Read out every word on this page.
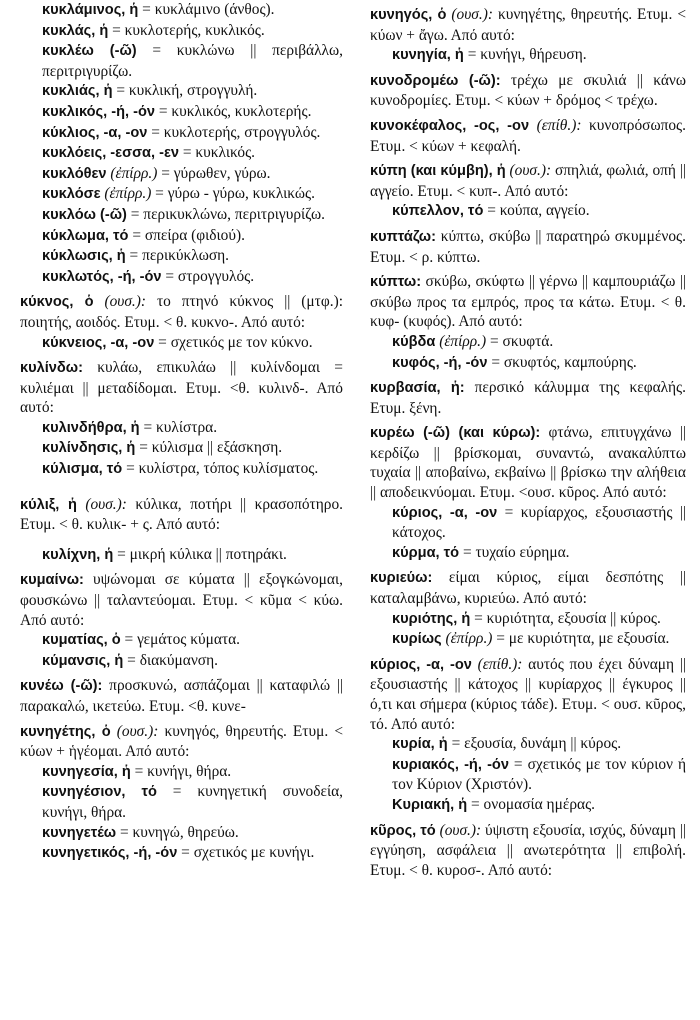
κυκλάμινος, ἡ = κυκλάμινο (άνθος).

κυκλάς, ἡ = κυκλοτερής, κυκλικός.

κυκλέω (-ῶ) = κυκλώνω || περιβάλλω, περιτριγυρίζω.

κυκλιάς, ἡ = κυκλική, στρογγυλή.

κυκλικός, -ή, -όν = κυκλικός, κυκλοτερής.

κύκλιος, -α, -ον = κυκλοτερής, στρογγυλός.

κυκλόεις, -εσσα, -εν = κυκλικός.

κυκλόθεν (ἐπίρρ.) = γύρωθεν, γύρω.

κυκλόσε (ἐπίρρ.) = γύρω - γύρω, κυκλικώς.

κυκλόω (-ῶ) = περικυκλώνω, περιτριγυρίζω.

κύκλωμα, τό = σπείρα (φιδιού).

κύκλωσις, ἡ = περικύκλωση.

κυκλωτός, -ή, -όν = στρογγυλός.

κύκνος, ὁ (ουσ.): το πτηνό κύκνος || (μτφ.): ποιητής, αοιδός. Ετυμ. < θ. κυκνο-. Από αυτό:

κύκνειος, -α, -ον = σχετικός με τον κύκνο.

κυλίνδω: κυλάω, επικυλάω || κυλίνδομαι = κυλιέμαι || μεταδίδομαι. Ετυμ. <θ. κυλινδ-. Από αυτό:

κυλινδήθρα, ἡ = κυλίστρα.

κυλίνδησις, ἡ = κύλισμα || εξάσκηση.

κύλισμα, τό = κυλίστρα, τόπος κυλίσματος.

κύλιξ, ἡ (ουσ.): κύλικα, ποτήρι || κρασοπότηρο. Ετυμ. < θ. κυλικ- + ς. Από αυτό:

κυλίχνη, ἡ = μικρή κύλικα || ποτηράκι.

κυμαίνω: υψώνομαι σε κύματα || εξογκώνομαι, φουσκώνω || ταλαντεύομαι. Ετυμ. < κῦμα < κύω. Από αυτό:

κυματίας, ὁ = γεμάτος κύματα.

κύμανσις, ἡ = διακύμανση.

κυνέω (-ῶ): προσκυνώ, ασπάζομαι || καταφιλώ || παρακαλώ, ικετεύω. Ετυμ. <θ. κυνε-

κυνηγέτης, ὁ (ουσ.): κυνηγός, θηρευτής. Ετυμ. < κύων + ἡγέομαι. Από αυτό:

κυνηγεσία, ἡ = κυνήγι, θήρα.

κυνηγέσιον, τό = κυνηγετική συνοδεία, κυνήγι, θήρα.

κυνηγετέω = κυνηγώ, θηρεύω.

κυνηγετικός, -ή, -όν = σχετικός με κυνήγι.

κυνηγός, ὁ (ουσ.): κυνηγέτης, θηρευτής. Ετυμ. < κύων + ἄγω. Από αυτό:

κυνηγία, ἡ = κυνήγι, θήρευση.

κυνοδρομέω (-ῶ): τρέχω με σκυλιά || κάνω κυνοδρομίες. Ετυμ. < κύων + δρόμος < τρέχω.

κυνοκέφαλος, -ος, -ον (επίθ.): κυνοπρόσωπος. Ετυμ. < κύων + κεφαλή.

κύπη (και κύμβη), ἡ (ουσ.): σπηλιά, φωλιά, οπή || αγγείο. Ετυμ. < κυπ-. Από αυτό:

κύπελλον, τό = κούπα, αγγείο.

κυπτάζω: κύπτω, σκύβω || παρατηρώ σκυμμένος. Ετυμ. < ρ. κύπτω.

κύπτω: σκύβω, σκύφτω || γέρνω || καμπουριάζω || σκύβω προς τα εμπρός, προς τα κάτω. Ετυμ. < θ. κυφ- (κυφός). Από αυτό:

κύβδα (ἐπίρρ.) = σκυφτά.

κυφός, -ή, -όν = σκυφτός, καμπούρης.

κυρβασία, ἡ: περσικό κάλυμμα της κεφαλής. Ετυμ. ξένη.

κυρέω (-ῶ) (και κύρω): φτάνω, επιτυγχάνω || κερδίζω || βρίσκομαι, συναντώ, ανακαλύπτω τυχαία || αποβαίνω, εκβαίνω || βρίσκω την αλήθεια || αποδεικνύομαι. Ετυμ. <ουσ. κῦρος. Από αυτό:

κύριος, -α, -ον = κυρίαρχος, εξουσιαστής || κάτοχος.

κύρμα, τό = τυχαίο εύρημα.

κυριεύω: είμαι κύριος, είμαι δεσπότης || καταλαμβάνω, κυριεύω. Από αυτό:

κυριότης, ἡ = κυριότητα, εξουσία || κύρος.

κυρίως (ἐπίρρ.) = με κυριότητα, με εξουσία.

κύριος, -α, -ον (επίθ.): αυτός που έχει δύναμη || εξουσιαστής || κάτοχος || κυρίαρχος || έγκυρος || ό,τι και σήμερα (κύριος τάδε). Ετυμ. < ουσ. κῦρος, τό. Από αυτό:

κυρία, ἡ = εξουσία, δυνάμη || κύρος.

κυριακός, -ή, -όν = σχετικός με τον κύριον ή τον Κύριον (Χριστόν).

Κυριακή, ἡ = ονομασία ημέρας.

κῦρος, τό (ουσ.): ύψιστη εξουσία, ισχύς, δύναμη || εγγύηση, ασφάλεια || ανωτερότητα || επιβολή. Ετυμ. < θ. κυροσ-. Από αυτό:
